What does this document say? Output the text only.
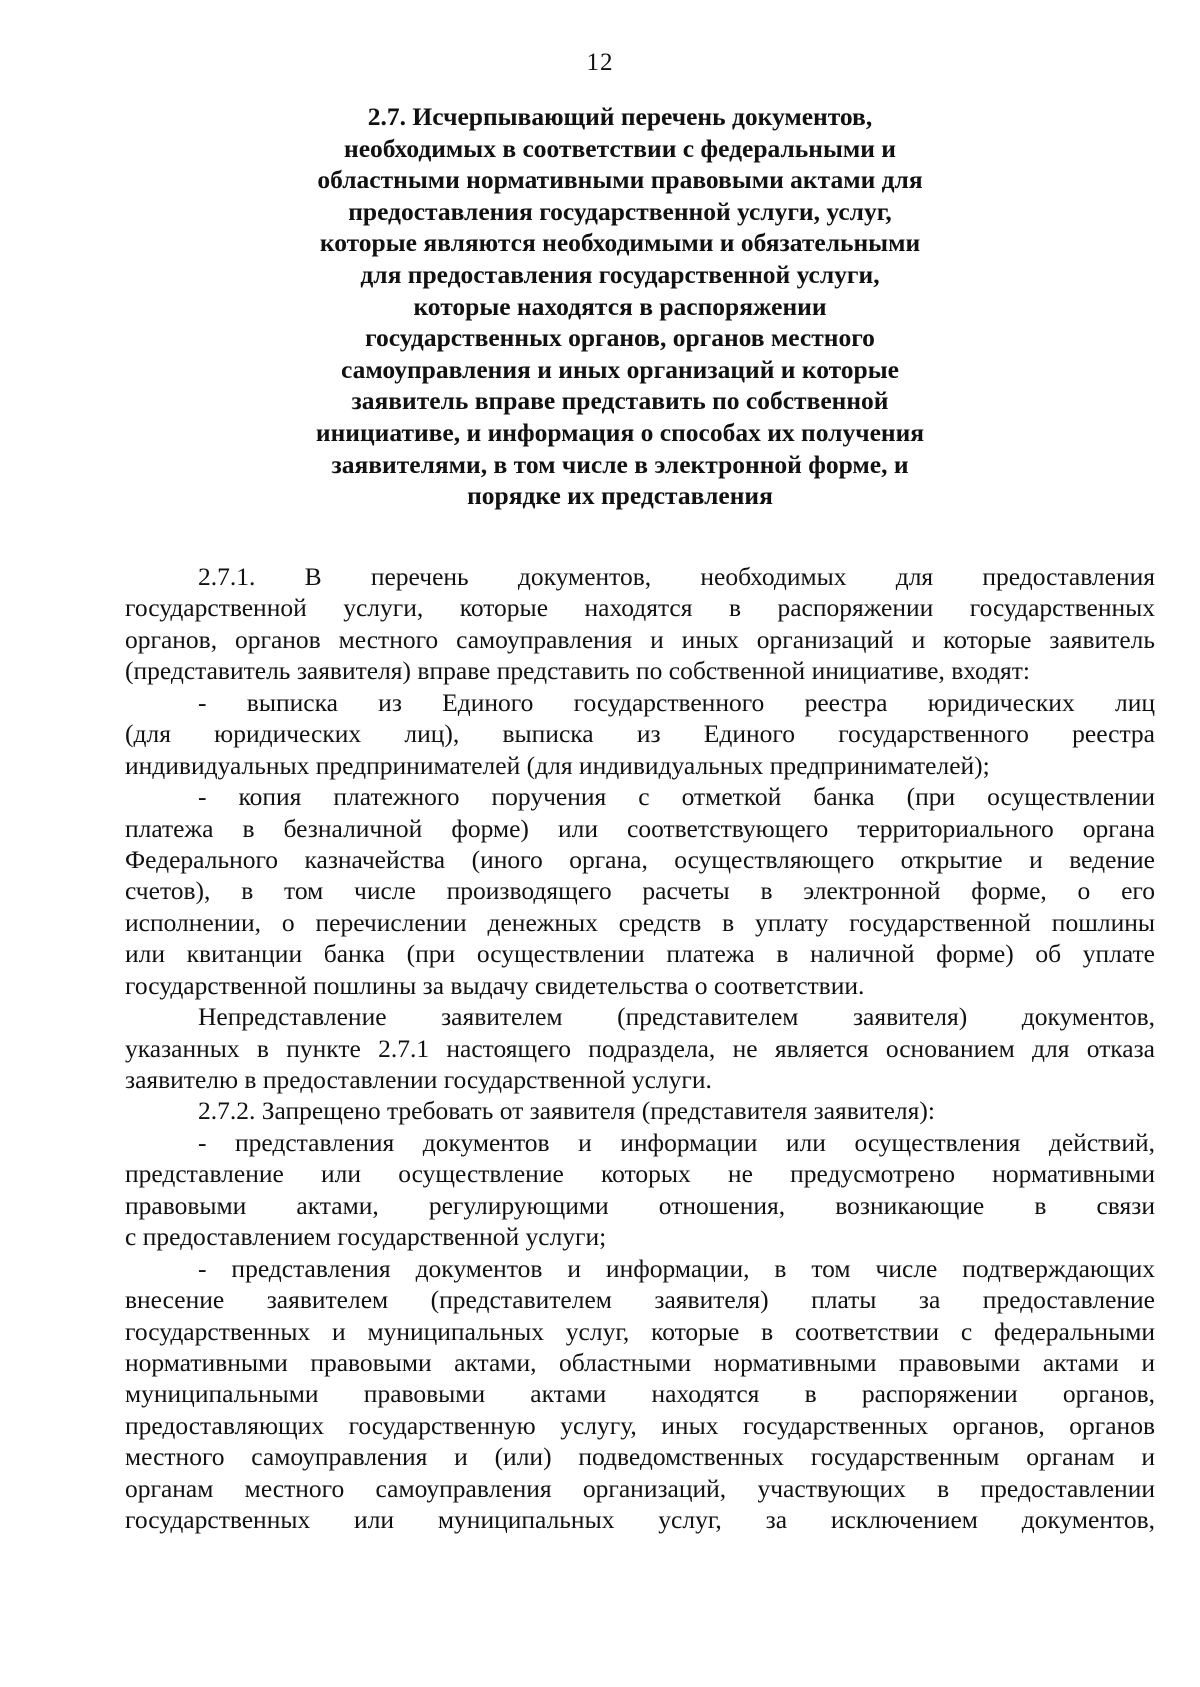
12
2.7. Исчерпывающий перечень документов,
необходимых в соответствии с федеральными и
областными нормативными правовыми актами для
предоставления государственной услуги, услуг,
которые являются необходимыми и обязательными
для предоставления государственной услуги,
которые находятся в распоряжении
государственных органов, органов местного
самоуправления и иных организаций и которые
заявитель вправе представить по собственной
инициативе, и информация о способах их получения
заявителями, в том числе в электронной форме, и
порядке их представления
2.7.1. В перечень документов, необходимых для предоставления
государственной услуги, которые находятся в распоряжении государственных
органов, органов местного самоуправления и иных организаций и которые заявитель
(представитель заявителя) вправе представить по собственной инициативе, входят:
- выписка из Единого государственного реестра юридических лиц
(для юридических лиц), выписка из Единого государственного реестра
индивидуальных предпринимателей (для индивидуальных предпринимателей);
- копия платежного поручения с отметкой банка (при осуществлении
платежа в безналичной форме) или соответствующего территориального органа
Федерального казначейства (иного органа, осуществляющего открытие и ведение
счетов), в том числе производящего расчеты в электронной форме, о его
исполнении, о перечислении денежных средств в уплату государственной пошлины
или квитанции банка (при осуществлении платежа в наличной форме) об уплате
государственной пошлины за выдачу свидетельства о соответствии.
Непредставление заявителем (представителем заявителя) документов,
указанных в пункте 2.7.1 настоящего подраздела, не является основанием для отказа
заявителю в предоставлении государственной услуги.
2.7.2. Запрещено требовать от заявителя (представителя заявителя):
- представления документов и информации или осуществления действий,
представление или осуществление которых не предусмотрено нормативными
правовыми актами, регулирующими отношения, возникающие в связи
с предоставлением государственной услуги;
- представления документов и информации, в том числе подтверждающих
внесение заявителем (представителем заявителя) платы за предоставление
государственных и муниципальных услуг, которые в соответствии с федеральными
нормативными правовыми актами, областными нормативными правовыми актами и
муниципальными правовыми актами находятся в распоряжении органов,
предоставляющих государственную услугу, иных государственных органов, органов
местного самоуправления и (или) подведомственных государственным органам и
органам местного самоуправления организаций, участвующих в предоставлении
государственных или муниципальных услуг, за исключением документов,
